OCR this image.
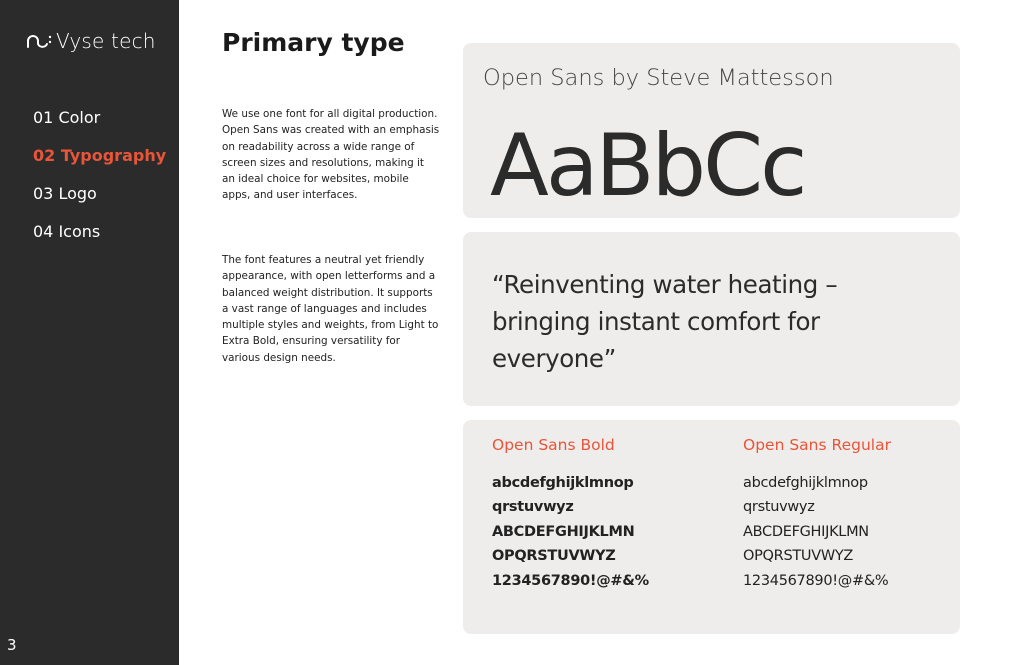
Vyse tech
01 Color
02 Typography
03 Logo
04 Icons
3
Primary type

We use one font for all digital production. Open Sans was created with an emphasis on readability across a wide range of screen sizes and resolutions, making it an ideal choice for websites, mobile apps, and user interfaces.

The font features a neutral yet friendly appearance, with open letterforms and a balanced weight distribution. It supports a vast range of languages and includes multiple styles and weights, from Light to Extra Bold, ensuring versatility for various design needs.

Open Sans by Steve Mattesson
AaBbCc
“Reinventing water heating – bringing instant comfort for everyone”
Open Sans Bold
abcdefghijklmnop
qrstuvwyz
ABCDEFGHIJKLMN
OPQRSTUVWYZ
1234567890!@#&%
Open Sans Regular
abcdefghijklmnop
qrstuvwyz
ABCDEFGHIJKLMN
OPQRSTUVWYZ
1234567890!@#&%
